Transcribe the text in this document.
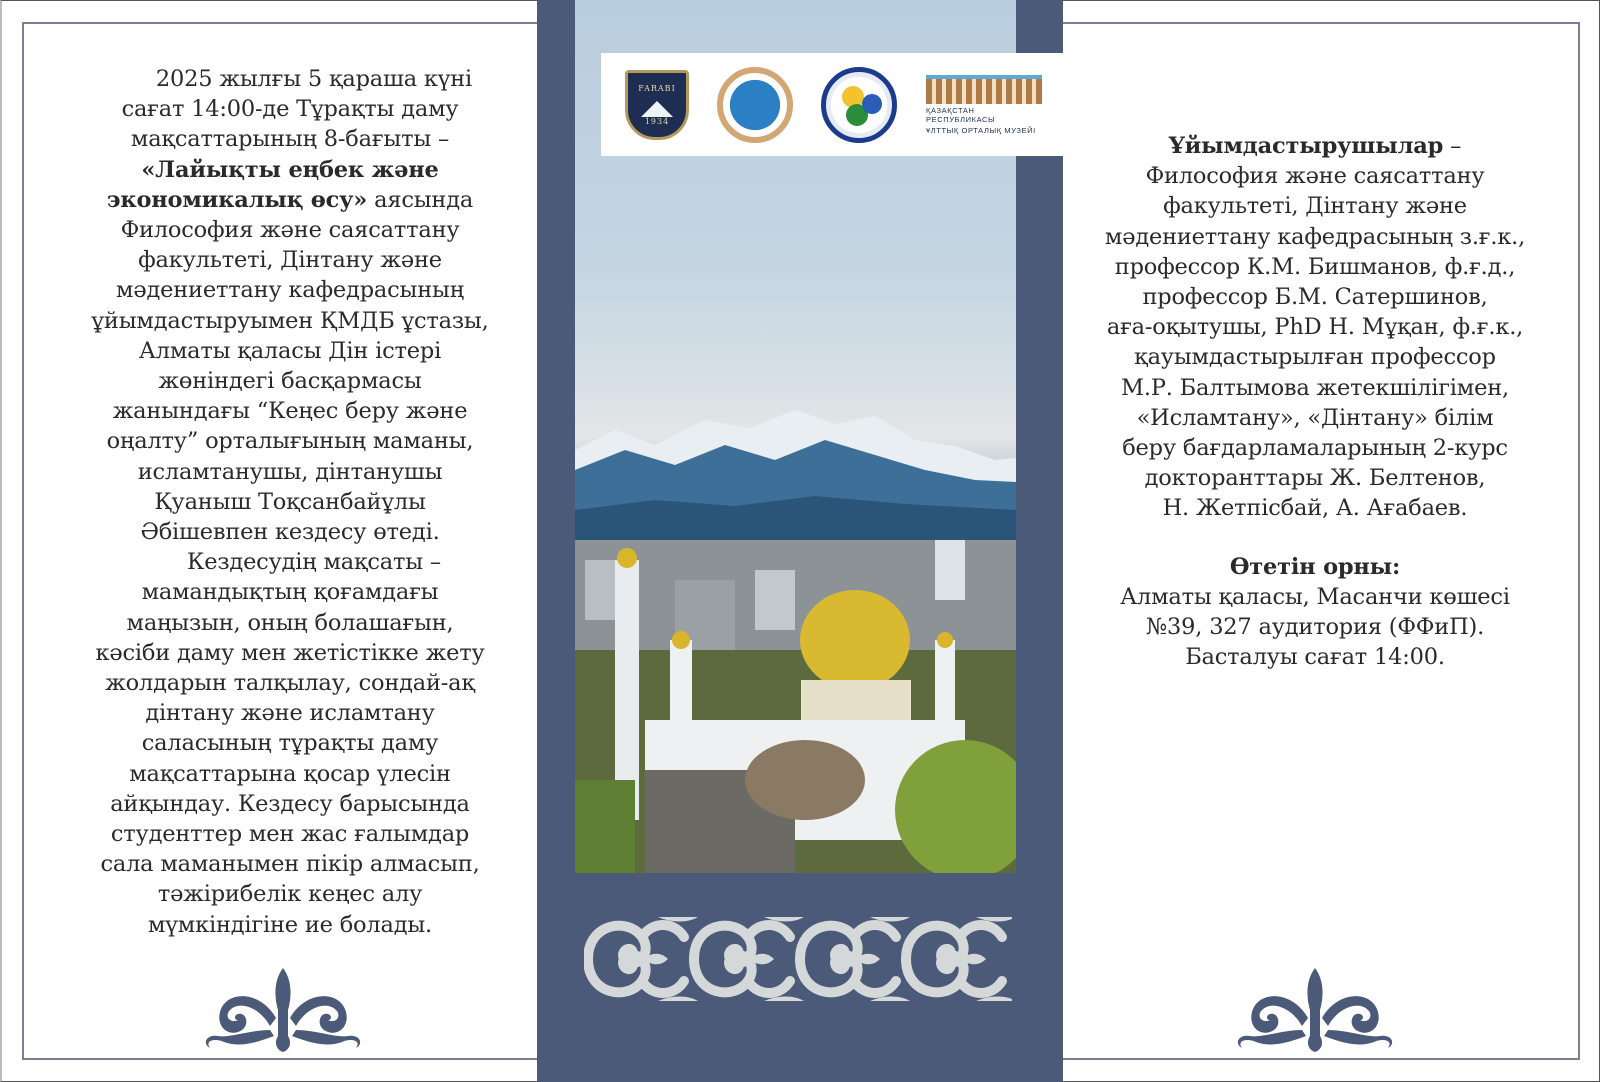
2025 жылғы 5 қараша күні

сағат 14:00-де Тұрақты даму

мақсаттарының 8-бағыты –

«Лайықты еңбек және

экономикалық өсу» аясында

Философия және саясаттану

факультеті, Дінтану және

мәдениеттану кафедрасының

ұйымдастыруымен ҚМДБ ұстазы,

Алматы қаласы Дін істері

жөніндегі басқармасы

жанындағы “Кеңес беру және

оңалту” орталығының маманы,

исламтанушы, дінтанушы

Қуаныш Тоқсанбайұлы

Әбішевпен кездесу өтеді.

Кездесудің мақсаты –

мамандықтың қоғамдағы

маңызын, оның болашағын,

кәсіби даму мен жетістікке жету

жолдарын талқылау, сондай-ақ

дінтану және исламтану

саласының тұрақты даму

мақсаттарына қосар үлесін

айқындау. Кездесу барысында

студенттер мен жас ғалымдар

сала маманымен пікір алмасып,

тәжірибелік кеңес алу

мүмкіндігіне ие болады.

FARABI
1934
ҚАЗАҚСТАН РЕСПУБЛИКАСЫ
ҰЛТТЫҚ ОРТАЛЫҚ МУЗЕЙІ

Ұйымдастырушылар –

Философия және саясаттану

факультеті, Дінтану және

мәдениеттану кафедрасының з.ғ.к.,

профессор К.М. Бишманов, ф.ғ.д.,

профессор Б.М. Сатершинов,

аға-оқытушы, PhD Н. Мұқан, ф.ғ.к.,

қауымдастырылған профессор

М.Р. Балтымова жетекшілігімен,

«Исламтану», «Дінтану» білім

беру бағдарламаларының 2-курс

докторанттары Ж. Белтенов,

Н. Жетпісбай, А. Ағабаев.

Өтетін орны:

Алматы қаласы, Масанчи көшесі

№39, 327 аудитория (ФФиП).

Басталуы сағат 14:00.
